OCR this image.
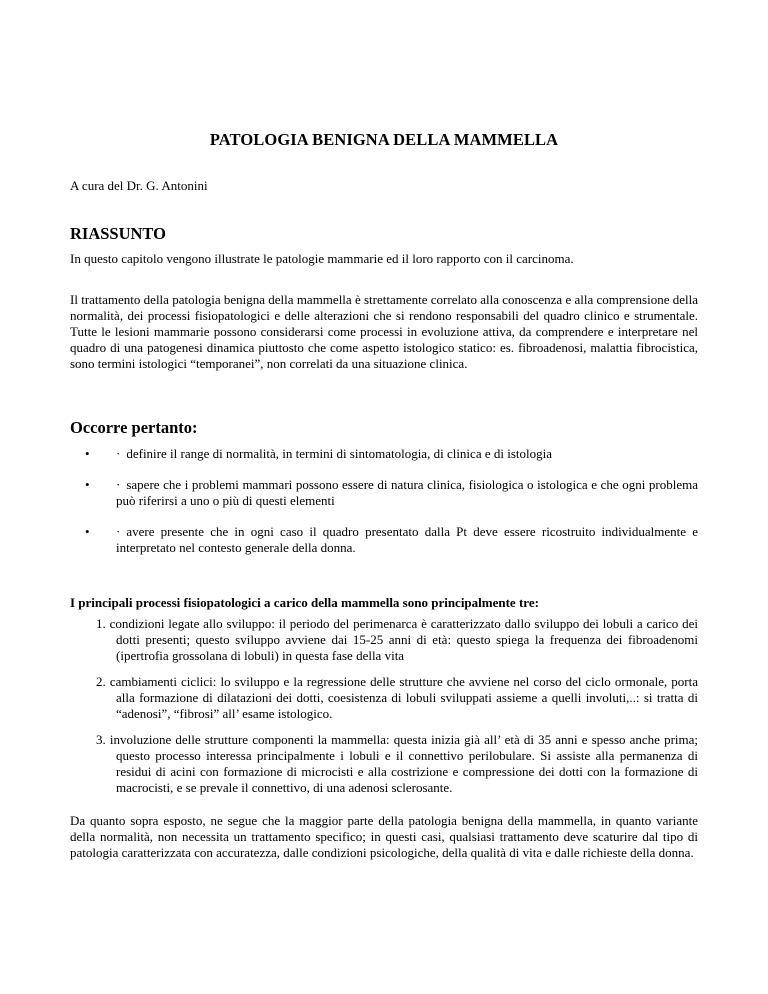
PATOLOGIA BENIGNA DELLA MAMMELLA

A cura del Dr. G. Antonini

RIASSUNTO

In questo capitolo vengono illustrate le patologie mammarie ed il loro rapporto con il carcinoma.

Il trattamento della patologia benigna della mammella è strettamente correlato alla conoscenza e alla comprensione della normalità, dei processi fisiopatologici e delle alterazioni che si rendono responsabili del quadro clinico e strumentale. Tutte le lesioni mammarie possono considerarsi come processi in evoluzione attiva, da comprendere e interpretare nel quadro di una patogenesi dinamica piuttosto che come aspetto istologico statico: es. fibroadenosi, malattia fibrocistica, sono termini istologici “temporanei”, non correlati da una situazione clinica.

Occorre pertanto:
• · definire il range di normalità, in termini di sintomatologia, di clinica e di istologia
• · sapere che i problemi mammari possono essere di natura clinica, fisiologica o istologica e che ogni problema può riferirsi a uno o più di questi elementi
• · avere presente che in ogni caso il quadro presentato dalla Pt deve essere ricostruito individualmente e interpretato nel contesto generale della donna.
I principali processi fisiopatologici a carico della mammella sono principalmente tre:
1. condizioni legate allo sviluppo: il periodo del perimenarca è caratterizzato dallo sviluppo dei lobuli a carico dei dotti presenti; questo sviluppo avviene dai 15-25 anni di età: questo spiega la frequenza dei fibroadenomi (ipertrofia grossolana di lobuli) in questa fase della vita
2. cambiamenti ciclici: lo sviluppo e la regressione delle strutture che avviene nel corso del ciclo ormonale, porta alla formazione di dilatazioni dei dotti, coesistenza di lobuli sviluppati assieme a quelli involuti,..: si tratta di “adenosi”, “fibrosi” all’ esame istologico.
3. involuzione delle strutture componenti la mammella: questa inizia già all’ età di 35 anni e spesso anche prima; questo processo interessa principalmente i lobuli e il connettivo perilobulare. Si assiste alla permanenza di residui di acini con formazione di microcisti e alla costrizione e compressione dei dotti con la formazione di macrocisti, e se prevale il connettivo, di una adenosi sclerosante.

Da quanto sopra esposto, ne segue che la maggior parte della patologia benigna della mammella, in quanto variante della normalità, non necessita un trattamento specifico; in questi casi, qualsiasi trattamento deve scaturire dal tipo di patologia caratterizzata con accuratezza, dalle condizioni psicologiche, della qualità di vita e dalle richieste della donna.
